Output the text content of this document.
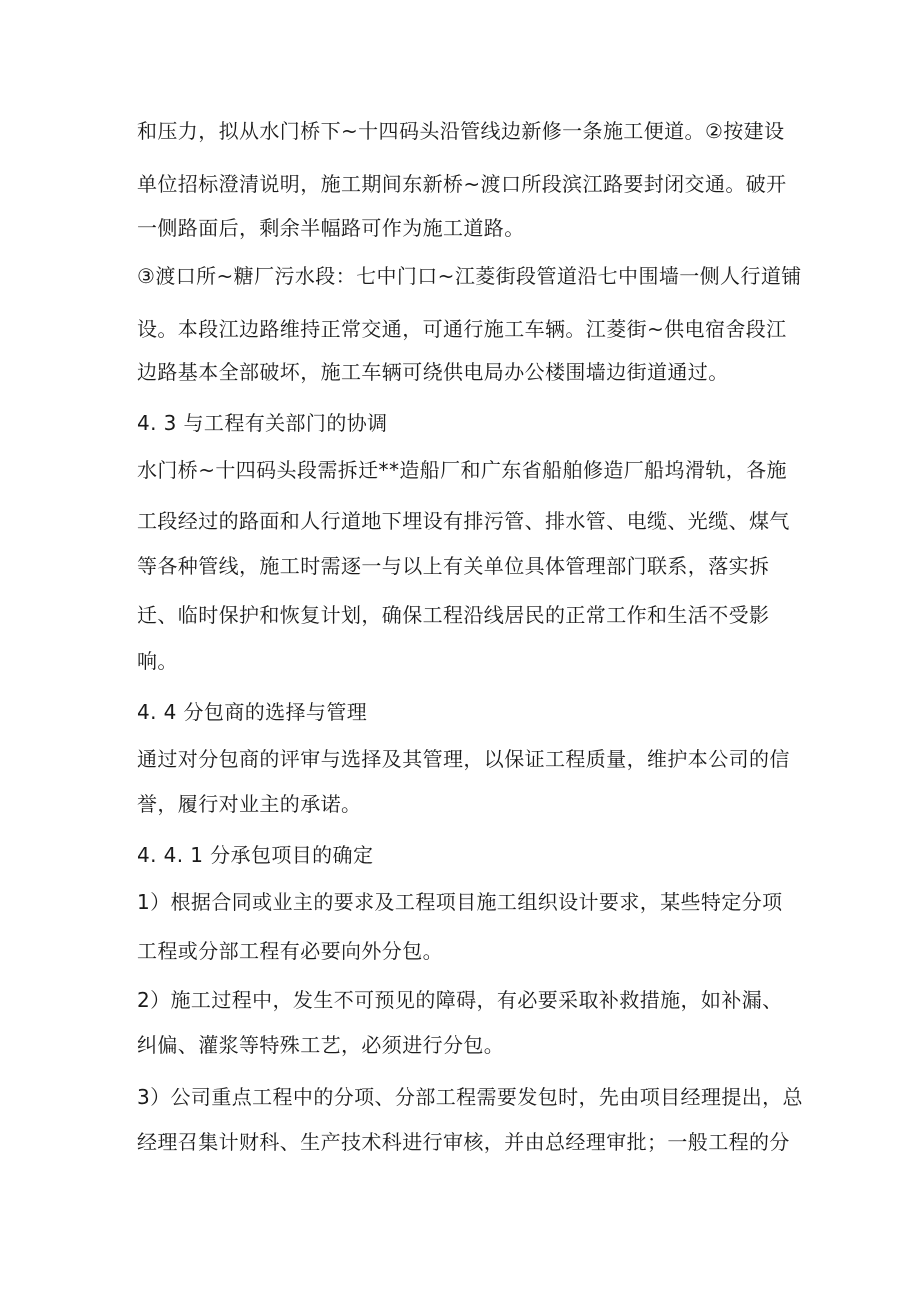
和压力，拟从水门桥下~十四码头沿管线边新修一条施工便道。②按建设
单位招标澄清说明，施工期间东新桥~渡口所段滨江路要封闭交通。破开
一侧路面后，剩余半幅路可作为施工道路。
③渡口所~糖厂污水段：七中门口~江菱街段管道沿七中围墙一侧人行道铺
设。本段江边路维持正常交通，可通行施工车辆。江菱街~供电宿舍段江
边路基本全部破坏，施工车辆可绕供电局办公楼围墙边街道通过。
4. 3 与工程有关部门的协调
水门桥~十四码头段需拆迁**造船厂和广东省船舶修造厂船坞滑轨，各施
工段经过的路面和人行道地下埋设有排污管、排水管、电缆、光缆、煤气
等各种管线，施工时需逐一与以上有关单位具体管理部门联系，落实拆
迁、临时保护和恢复计划，确保工程沿线居民的正常工作和生活不受影
响。
4. 4 分包商的选择与管理
通过对分包商的评审与选择及其管理，以保证工程质量，维护本公司的信
誉，履行对业主的承诺。
4. 4. 1 分承包项目的确定
1）根据合同或业主的要求及工程项目施工组织设计要求，某些特定分项
工程或分部工程有必要向外分包。
2）施工过程中，发生不可预见的障碍，有必要采取补救措施，如补漏、
纠偏、灌浆等特殊工艺，必须进行分包。
3）公司重点工程中的分项、分部工程需要发包时，先由项目经理提出，总
经理召集计财科、生产技术科进行审核，并由总经理审批；一般工程的分
